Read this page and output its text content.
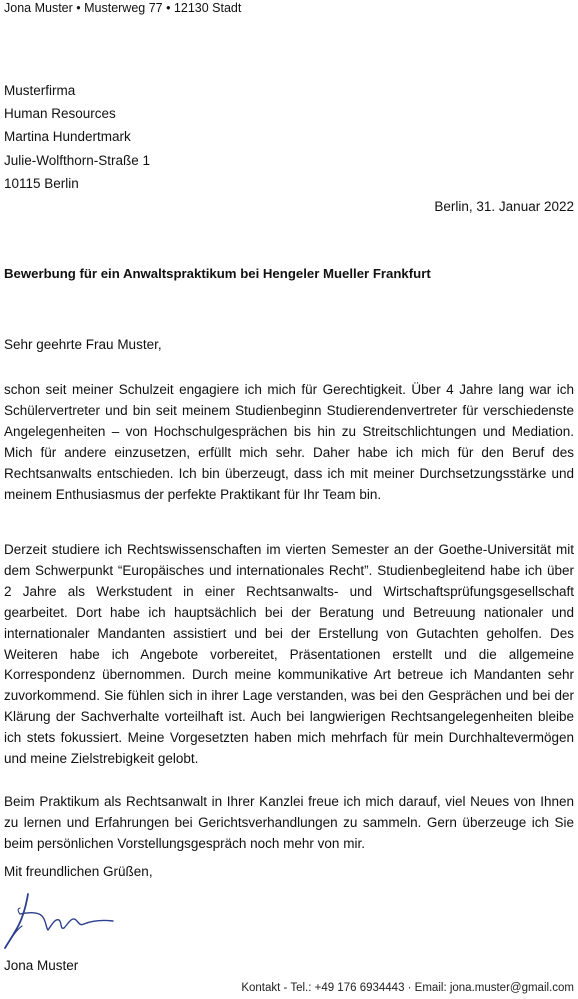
Jona Muster • Musterweg 77 • 12130 Stadt
Musterfirma
Human Resources
Martina Hundertmark
Julie-Wolfthorn-Straße 1
10115 Berlin
Berlin, 31. Januar 2022
Bewerbung für ein Anwaltspraktikum bei Hengeler Mueller Frankfurt
Sehr geehrte Frau Muster,

schon seit meiner Schulzeit engagiere ich mich für Gerechtigkeit. Über 4 Jahre lang war ich Schülervertreter und bin seit meinem Studienbeginn Studierendenvertreter für verschiedenste Angelegenheiten – von Hochschulgesprächen bis hin zu Streitschlichtungen und Mediation. Mich für andere einzusetzen, erfüllt mich sehr. Daher habe ich mich für den Beruf des Rechtsanwalts entschieden. Ich bin überzeugt, dass ich mit meiner Durchsetzungsstärke und meinem Enthusiasmus der perfekte Praktikant für Ihr Team bin.

Derzeit studiere ich Rechtswissenschaften im vierten Semester an der Goethe-Universität mit dem Schwerpunkt “Europäisches und internationales Recht”. Studienbegleitend habe ich über 2 Jahre als Werkstudent in einer Rechtsanwalts- und Wirtschaftsprüfungsgesellschaft gearbeitet. Dort habe ich hauptsächlich bei der Beratung und Betreuung nationaler und internationaler Mandanten assistiert und bei der Erstellung von Gutachten geholfen. Des Weiteren habe ich Angebote vorbereitet, Präsentationen erstellt und die allgemeine Korrespondenz übernommen. Durch meine kommunikative Art betreue ich Mandanten sehr zuvorkommend. Sie fühlen sich in ihrer Lage verstanden, was bei den Gesprächen und bei der Klärung der Sachverhalte vorteilhaft ist. Auch bei langwierigen Rechtsangelegenheiten bleibe ich stets fokussiert. Meine Vorgesetzten haben mich mehrfach für mein Durchhaltevermögen und meine Zielstrebigkeit gelobt.

Beim Praktikum als Rechtsanwalt in Ihrer Kanzlei freue ich mich darauf, viel Neues von Ihnen zu lernen und Erfahrungen bei Gerichtsverhandlungen zu sammeln. Gern überzeuge ich Sie beim persönlichen Vorstellungsgespräch noch mehr von mir.

Mit freundlichen Grüßen,
Jona Muster
Kontakt - Tel.: +49 176 6934443 · Email: jona.muster@gmail.com
